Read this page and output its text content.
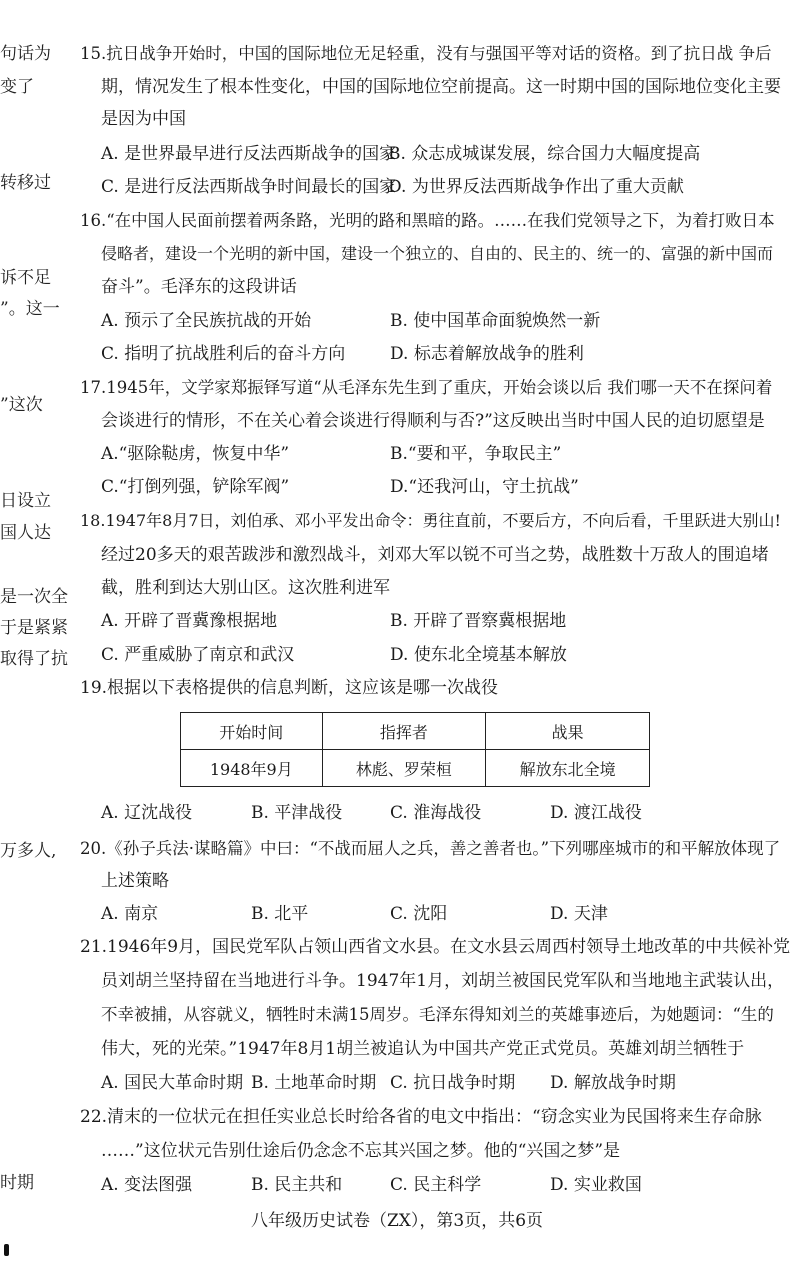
句话为
变了
转移过
诉不足
”。这一
”这次
日设立
国人达
是一次全
于是紧紧
取得了抗
万多人,
时期
15.抗日战争开始时，中国的国际地位无足轻重，没有与强国平等对话的资格。到了抗日战 争后
期，情况发生了根本性变化，中国的国际地位空前提高。这一时期中国的国际地位变化主要
是因为中国
A. 是世界最早进行反法西斯战争的国家
B. 众志成城谋发展，综合国力大幅度提高
C. 是进行反法西斯战争时间最长的国家
D. 为世界反法西斯战争作出了重大贡献
16.“在中国人民面前摆着两条路，光明的路和黑暗的路。……在我们党领导之下，为着打败日本
侵略者，建设一个光明的新中国，建设一个独立的、自由的、民主的、统一的、富强的新中国而
奋斗”。毛泽东的这段讲话
A. 预示了全民族抗战的开始	B. 使中国革命面貌焕然一新
C. 指明了抗战胜利后的奋斗方向	D. 标志着解放战争的胜利
17.1945年，文学家郑振铎写道“从毛泽东先生到了重庆，开始会谈以后 我们哪一天不在探问着
会谈进行的情形，不在关心着会谈进行得顺利与否?”这反映出当时中国人民的迫切愿望是
A.“驱除鞑虏，恢复中华”	B.“要和平，争取民主”
C.“打倒列强，铲除军阀”	D.“还我河山，守土抗战”
18.1947年8月7日，刘伯承、邓小平发出命令：勇往直前，不要后方，不向后看，千里跃进大别山!
经过20多天的艰苦跋涉和激烈战斗，刘邓大军以锐不可当之势，战胜数十万敌人的围追堵
截，胜利到达大别山区。这次胜利进军
A. 开辟了晋冀豫根据地	B. 开辟了晋察冀根据地
C. 严重威胁了南京和武汉	D. 使东北全境基本解放
19.根据以下表格提供的信息判断，这应该是哪一次战役
开始时间	指挥者	战果
1948年9月	林彪、罗荣桓	解放东北全境
A. 辽沈战役	B. 平津战役	C. 淮海战役	D. 渡江战役
20.《孙子兵法·谋略篇》中曰：“不战而屈人之兵，善之善者也。”下列哪座城市的和平解放体现了
上述策略
A. 南京	B. 北平	C. 沈阳	D. 天津
21.1946年9月，国民党军队占领山西省文水县。在文水县云周西村领导土地改革的中共候补党
员刘胡兰坚持留在当地进行斗争。1947年1月，刘胡兰被国民党军队和当地地主武装认出，
不幸被捕，从容就义，牺牲时未满15周岁。毛泽东得知刘兰的英雄事迹后，为她题词：“生的
伟大，死的光荣。”1947年8月1胡兰被追认为中国共产党正式党员。英雄刘胡兰牺牲于
A. 国民大革命时期 B. 土地革命时期 C. 抗日战争时期 D. 解放战争时期
22.清末的一位状元在担任实业总长时给各省的电文中指出：“窃念实业为民国将来生存命脉
……”这位状元告别仕途后仍念念不忘其兴国之梦。他的“兴国之梦”是
A. 变法图强	B. 民主共和	C. 民主科学	D. 实业救国
八年级历史试卷（ZX），第3页，共6页
